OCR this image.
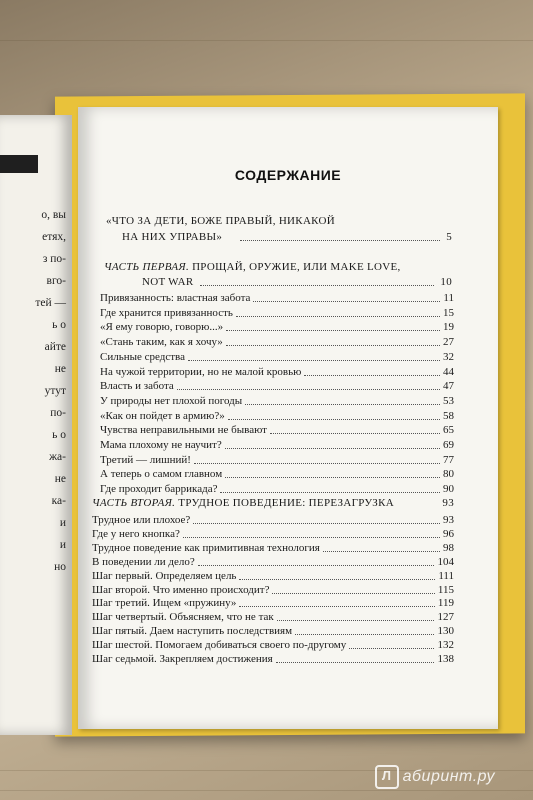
о, вы
етях,
з по-
вго-
тей —
ь о
айте
не
утут
по-
ь о
жа-
не
ка-
и
и
но
СОДЕРЖАНИЕ
«ЧТО ЗА ДЕТИ, БОЖЕ ПРАВЫЙ, НИКАКОЙ
НА НИХ УПРАВЫ»	5
ЧАСТЬ ПЕРВАЯ. ПРОЩАЙ, ОРУЖИЕ, ИЛИ MAKE LOVE,
NOT WAR	10
Привязанность: властная забота	11
Где хранится привязанность	15
«Я ему говорю, говорю...»	19
«Стань таким, как я хочу»	27
Сильные средства	32
На чужой территории, но не малой кровью	44
Власть и забота	47
У природы нет плохой погоды	53
«Как он пойдет в армию?»	58
Чувства неправильными не бывают	65
Мама плохому не научит?	69
Третий — лишний!	77
А теперь о самом главном	80
Где проходит баррикада?	90
ЧАСТЬ ВТОРАЯ. ТРУДНОЕ ПОВЕДЕНИЕ: ПЕРЕЗАГРУЗКА	93
Трудное или плохое?	93
Где у него кнопка?	96
Трудное поведение как примитивная технология	98
В поведении ли дело?	104
Шаг первый. Определяем цель	111
Шаг второй. Что именно происходит?	115
Шаг третий. Ищем «пружину»	119
Шаг четвертый. Объясняем, что не так	127
Шаг пятый. Даем наступить последствиям	130
Шаг шестой. Помогаем добиваться своего по-другому	132
Шаг седьмой. Закрепляем достижения	138
Л абиринт.ру
